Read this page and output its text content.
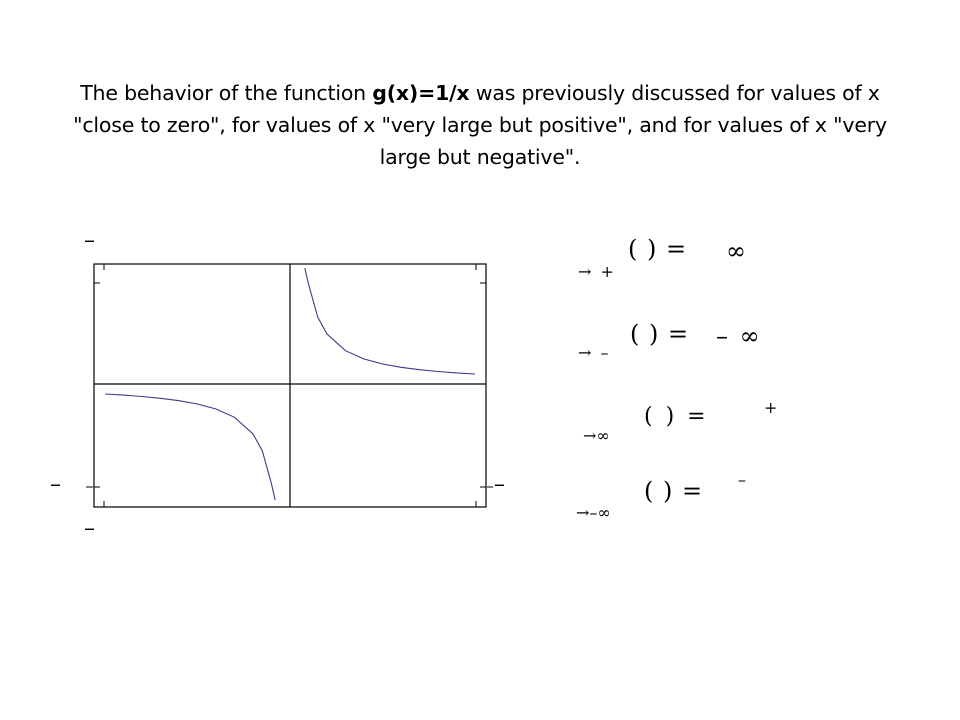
The behavior of the function g(x)=1/x was previously discussed for values of x "close to zero", for values of x "very large but positive", and for values of x "very large but negative".
–
–	–
–
( ) = ∞
→ +
( ) = – ∞
→ –
( ) =	+
→∞
( ) = –
→–∞
